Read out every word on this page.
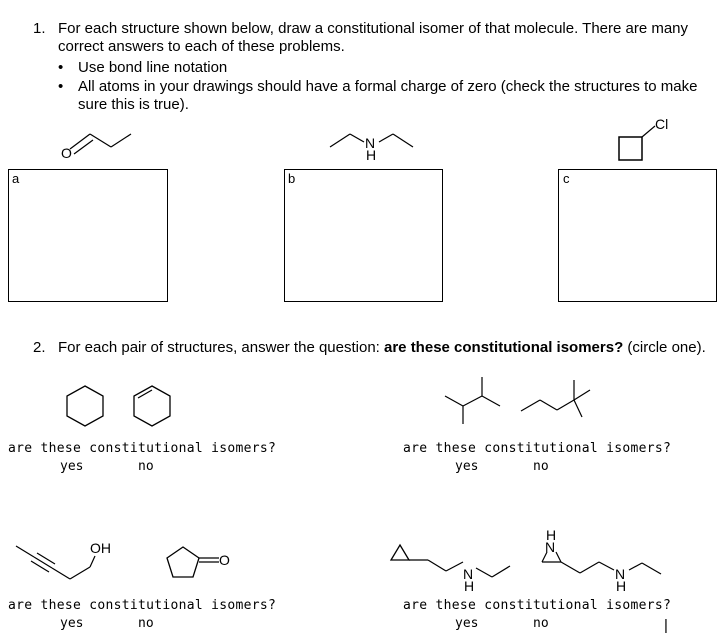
1. For each structure shown below, draw a constitutional isomer of that molecule. There are many correct answers to each of these problems.
• Use bond line notation
• All atoms in your drawings should have a formal charge of zero (check the structures to make sure this is true).
O
N
H
Cl
a	b	c
2. For each pair of structures, answer the question: are these constitutional isomers? (circle one).
are these constitutional isomers?
yes	no
are these constitutional isomers?
yes	no
OH
O
are these constitutional isomers?
yes	no
N
H
N
H
N
H
are these constitutional isomers?
yes	no	|
